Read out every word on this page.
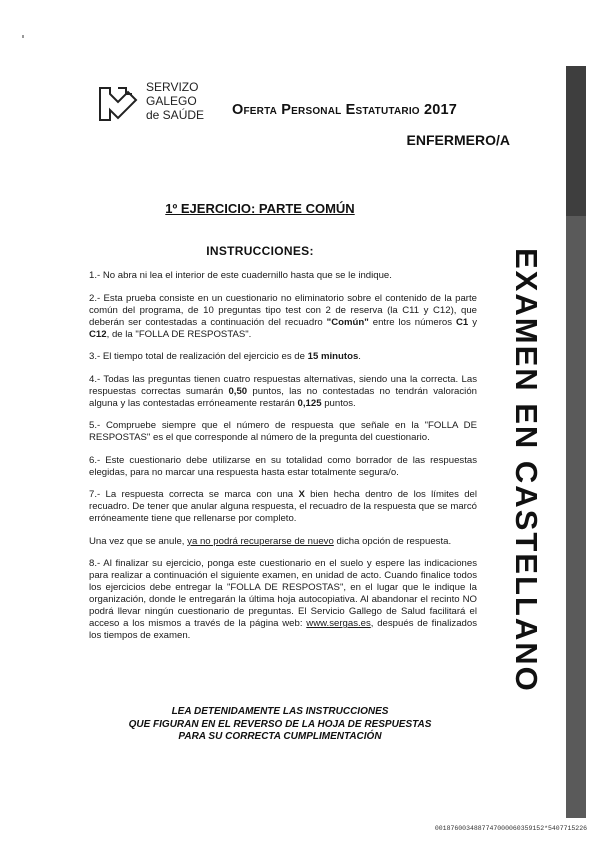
SERVIZO
GALEGO
de SAÚDE Oferta Personal Estatutario 2017
ENFERMERO/A
1º EJERCICIO: PARTE COMÚN
INSTRUCCIONES:

1.- No abra ni lea el interior de este cuadernillo hasta que se le indique.

2.- Esta prueba consiste en un cuestionario no eliminatorio sobre el contenido de la parte común del programa, de 10 preguntas tipo test con 2 de reserva (la C11 y C12), que deberán ser contestadas a continuación del recuadro "Común" entre los números C1 y C12, de la "FOLLA DE RESPOSTAS".

3.- El tiempo total de realización del ejercicio es de 15 minutos.

4.- Todas las preguntas tienen cuatro respuestas alternativas, siendo una la correcta. Las respuestas correctas sumarán 0,50 puntos, las no contestadas no tendrán valoración alguna y las contestadas erróneamente restarán 0,125 puntos.

5.- Compruebe siempre que el número de respuesta que señale en la "FOLLA DE RESPOSTAS" es el que corresponde al número de la pregunta del cuestionario.

6.- Este cuestionario debe utilizarse en su totalidad como borrador de las respuestas elegidas, para no marcar una respuesta hasta estar totalmente segura/o.

7.- La respuesta correcta se marca con una X bien hecha dentro de los límites del recuadro. De tener que anular alguna respuesta, el recuadro de la respuesta que se marcó erróneamente tiene que rellenarse por completo.

Una vez que se anule, ya no podrá recuperarse de nuevo dicha opción de respuesta.

8.- Al finalizar su ejercicio, ponga este cuestionario en el suelo y espere las indicaciones para realizar a continuación el siguiente examen, en unidad de acto. Cuando finalice todos los ejercicios debe entregar la "FOLLA DE RESPOSTAS", en el lugar que le indique la organización, donde le entregarán la última hoja autocopiativa. Al abandonar el recinto NO podrá llevar ningún cuestionario de preguntas. El Servicio Gallego de Salud facilitará el acceso a los mismos a través de la página web: www.sergas.es, después de finalizados los tiempos de examen.

LEA DETENIDAMENTE LAS INSTRUCCIONES
QUE FIGURAN EN EL REVERSO DE LA HOJA DE RESPUESTAS
PARA SU CORRECTA CUMPLIMENTACIÓN
EXAMEN EN CASTELLANO
0018760034887747000060359152*5407715226
